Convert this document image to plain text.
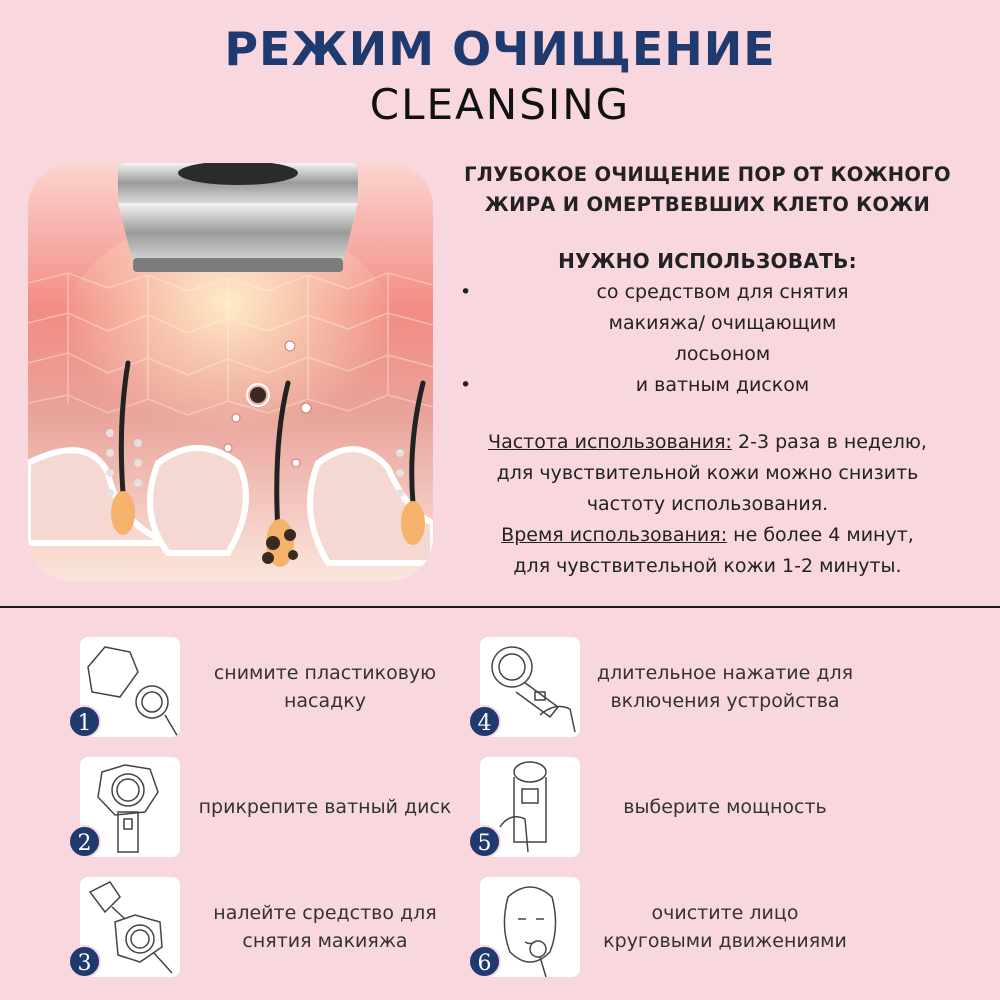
РЕЖИМ ОЧИЩЕНИЕ
CLEANSING
ГЛУБОКОЕ ОЧИЩЕНИЕ ПОР ОТ КОЖНОГО
ЖИРА И ОМЕРТВЕВШИХ КЛЕТО КОЖИ
НУЖНО ИСПОЛЬЗОВАТЬ:
•	со средством для снятия макияжа/ очищающим лосьоном
•	и ватным диском
Частота использования: 2-3 раза в неделю,
для чувствительной кожи можно снизить
частоту использования.
Время использования: не более 4 минут,
для чувствительной кожи 1-2 минуты.
1
снимите пластиковую насадку
2
прикрепите ватный диск
3
налейте средство для снятия макияжа
4
длительное нажатие для включения устройства
5
выберите мощность
6
очистите лицо круговыми движениями
